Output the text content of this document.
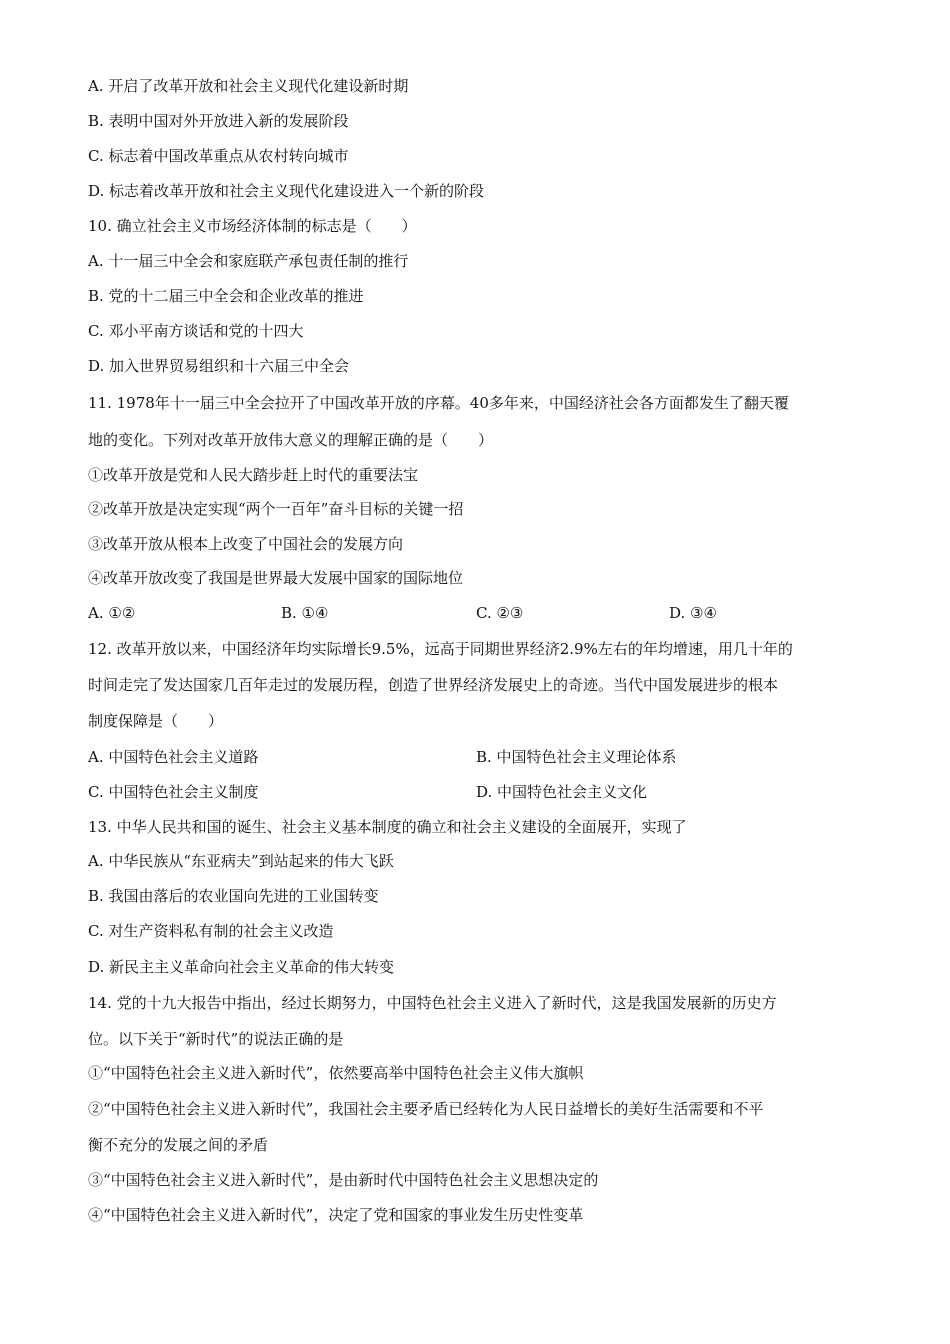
A. 开启了改革开放和社会主义现代化建设新时期
B. 表明中国对外开放进入新的发展阶段
C. 标志着中国改革重点从农村转向城市
D. 标志着改革开放和社会主义现代化建设进入一个新的阶段
10. 确立社会主义市场经济体制的标志是（　　）
A. 十一届三中全会和家庭联产承包责任制的推行
B. 党的十二届三中全会和企业改革的推进
C. 邓小平南方谈话和党的十四大
D. 加入世界贸易组织和十六届三中全会
11. 1978年十一届三中全会拉开了中国改革开放的序幕。40多年来，中国经济社会各方面都发生了翻天覆
地的变化。下列对改革开放伟大意义的理解正确的是（　　）
①改革开放是党和人民大踏步赶上时代的重要法宝
②改革开放是决定实现“两个一百年”奋斗目标的关键一招
③改革开放从根本上改变了中国社会的发展方向
④改革开放改变了我国是世界最大发展中国家的国际地位
A. ①②	B. ①④	C. ②③	D. ③④
12. 改革开放以来，中国经济年均实际增长9.5%，远高于同期世界经济2.9%左右的年均增速，用几十年的
时间走完了发达国家几百年走过的发展历程，创造了世界经济发展史上的奇迹。当代中国发展进步的根本
制度保障是（　　）
A. 中国特色社会主义道路	B. 中国特色社会主义理论体系
C. 中国特色社会主义制度	D. 中国特色社会主义文化
13. 中华人民共和国的诞生、社会主义基本制度的确立和社会主义建设的全面展开，实现了
A. 中华民族从“东亚病夫”到站起来的伟大飞跃
B. 我国由落后的农业国向先进的工业国转变
C. 对生产资料私有制的社会主义改造
D. 新民主主义革命向社会主义革命的伟大转变
14. 党的十九大报告中指出，经过长期努力，中国特色社会主义进入了新时代，这是我国发展新的历史方
位。以下关于“新时代”的说法正确的是
①“中国特色社会主义进入新时代”，依然要高举中国特色社会主义伟大旗帜
②“中国特色社会主义进入新时代”，我国社会主要矛盾已经转化为人民日益增长的美好生活需要和不平
衡不充分的发展之间的矛盾
③“中国特色社会主义进入新时代”，是由新时代中国特色社会主义思想决定的
④“中国特色社会主义进入新时代”，决定了党和国家的事业发生历史性变革
